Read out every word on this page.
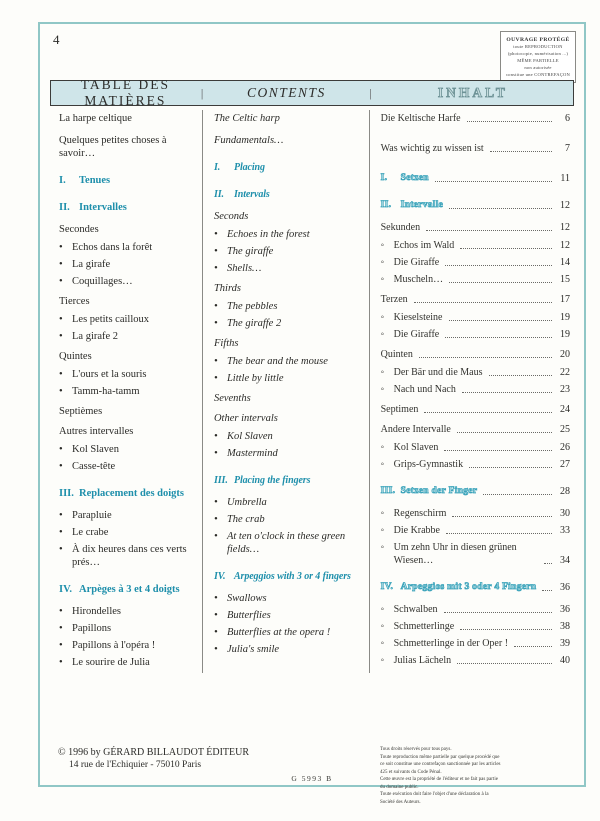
4	OUVRAGE PROTÉGÉ
toute REPRODUCTION
(photocopie, numérisation ...)
MÊME PARTIELLE
non autorisée
constitue une CONTREFAÇON
TABLE DES MATIÈRES
|	CONTENTS	|	INHALT
La harpe celtique
Quelques petites choses à savoir…
I.	Tenues
II. Intervalles
Secondes
• Echos dans la forêt
• La girafe
• Coquillages…
Tierces
• Les petits cailloux
• La girafe 2
Quintes
• L'ours et la souris
• Tamm-ha-tamm
Septièmes
Autres intervalles
• Kol Slaven
• Casse-tête
III. Replacement des doigts
• Parapluie
• Le crabe
• À dix heures dans ces verts prés…
IV. Arpèges à 3 et 4 doigts
• Hirondelles
• Papillons
• Papillons à l'opéra !
• Le sourire de Julia
The Celtic harp
Fundamentals…
I.	Placing
II.	Intervals
Seconds
• Echoes in the forest
• The giraffe
• Shells…
Thirds
• The pebbles
• The giraffe 2
Fifths
• The bear and the mouse
• Little by little
Sevenths
Other intervals
• Kol Slaven
• Mastermind
III. Placing the fingers
• Umbrella
• The crab
• At ten o'clock in these green fields…
IV. Arpeggios with 3 or 4 fingers
• Swallows
• Butterflies
• Butterflies at the opera !
• Julia's smile
Die Keltische Harfe	6
Was wichtig zu wissen ist	7
I.	Setzen	11
II. Intervalle	12
Sekunden	12
◦ Echos im Wald	12
◦ Die Giraffe	14
◦ Muscheln…	15
Terzen	17
◦ Kieselsteine	19
◦ Die Giraffe	19
Quinten	20
◦ Der Bär und die Maus	22
◦ Nach und Nach	23
Septimen	24
Andere Intervalle	25
◦ Kol Slaven	26
◦ Grips-Gymnastik	27
III. Setzen der Finger	28
◦ Regenschirm	30
◦ Die Krabbe	33
◦ Um zehn Uhr in diesen grünen Wiesen…	34
IV. Arpeggios mit 3 oder 4 Fingern	36
◦ Schwalben	36
◦ Schmetterlinge	38
◦ Schmetterlinge in der Oper !	39
◦ Julias Lächeln	40
© 1996 by GÉRARD BILLAUDOT ÉDITEUR
14 rue de l'Echiquier - 75010 Paris
Tous droits réservés pour tous pays.
Toute reproduction même partielle par quelque procédé que
ce soit constitue une contrefaçon sanctionnée par les articles
425 et suivants du Code Pénal.
Cette œuvre est la propriété de l'éditeur et ne fait pas partie
du domaine public.
Toute exécution doit faire l'objet d'une déclaration à la
Société des Auteurs.
G 5993 B
